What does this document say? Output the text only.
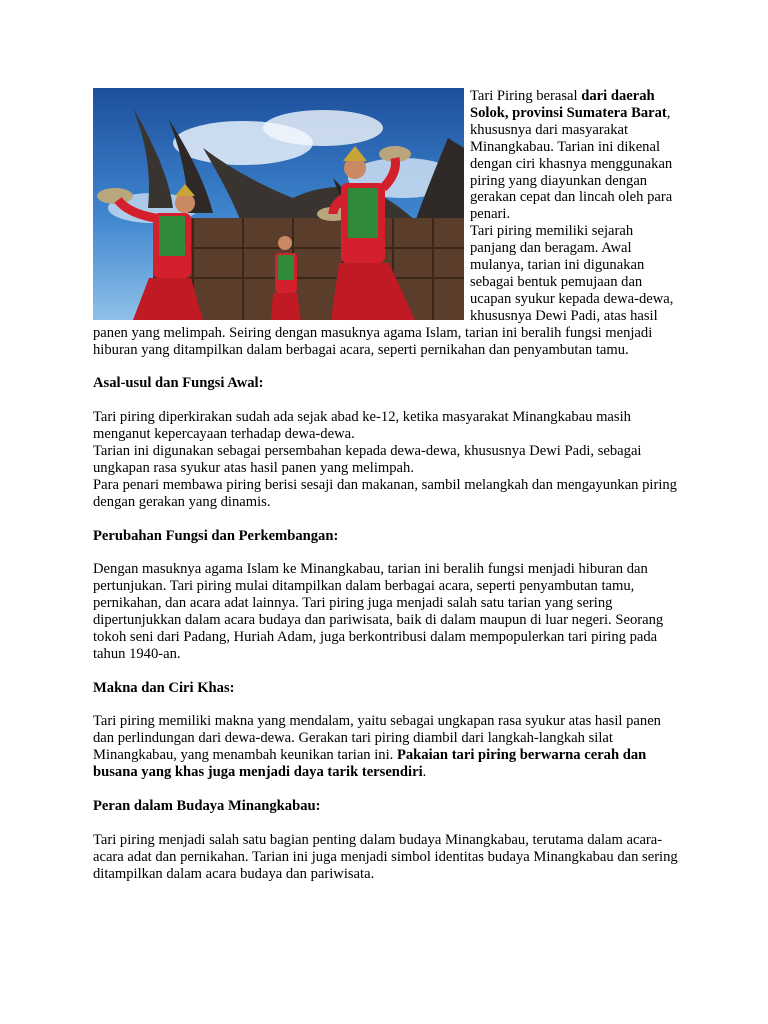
Tari Piring berasal dari daerah Solok, provinsi Sumatera Barat, khususnya dari masyarakat Minangkabau. Tarian ini dikenal dengan ciri khasnya menggunakan piring yang diayunkan dengan gerakan cepat dan lincah oleh para penari.

Tari piring memiliki sejarah panjang dan beragam. Awal mulanya, tarian ini digunakan sebagai bentuk pemujaan dan ucapan syukur kepada dewa-dewa, khususnya Dewi Padi, atas hasil panen yang melimpah. Seiring dengan masuknya agama Islam, tarian ini beralih fungsi menjadi hiburan yang ditampilkan dalam berbagai acara, seperti pernikahan dan penyambutan tamu.

Asal-usul dan Fungsi Awal:

Tari piring diperkirakan sudah ada sejak abad ke-12, ketika masyarakat Minangkabau masih menganut kepercayaan terhadap dewa-dewa.

Tarian ini digunakan sebagai persembahan kepada dewa-dewa, khususnya Dewi Padi, sebagai ungkapan rasa syukur atas hasil panen yang melimpah.

Para penari membawa piring berisi sesaji dan makanan, sambil melangkah dan mengayunkan piring dengan gerakan yang dinamis.

Perubahan Fungsi dan Perkembangan:

Dengan masuknya agama Islam ke Minangkabau, tarian ini beralih fungsi menjadi hiburan dan pertunjukan. Tari piring mulai ditampilkan dalam berbagai acara, seperti penyambutan tamu, pernikahan, dan acara adat lainnya. Tari piring juga menjadi salah satu tarian yang sering dipertunjukkan dalam acara budaya dan pariwisata, baik di dalam maupun di luar negeri. Seorang tokoh seni dari Padang, Huriah Adam, juga berkontribusi dalam mempopulerkan tari piring pada tahun 1940-an.

Makna dan Ciri Khas:

Tari piring memiliki makna yang mendalam, yaitu sebagai ungkapan rasa syukur atas hasil panen dan perlindungan dari dewa-dewa. Gerakan tari piring diambil dari langkah-langkah silat Minangkabau, yang menambah keunikan tarian ini. Pakaian tari piring berwarna cerah dan busana yang khas juga menjadi daya tarik tersendiri.

Peran dalam Budaya Minangkabau:

Tari piring menjadi salah satu bagian penting dalam budaya Minangkabau, terutama dalam acara-acara adat dan pernikahan. Tarian ini juga menjadi simbol identitas budaya Minangkabau dan sering ditampilkan dalam acara budaya dan pariwisata.
